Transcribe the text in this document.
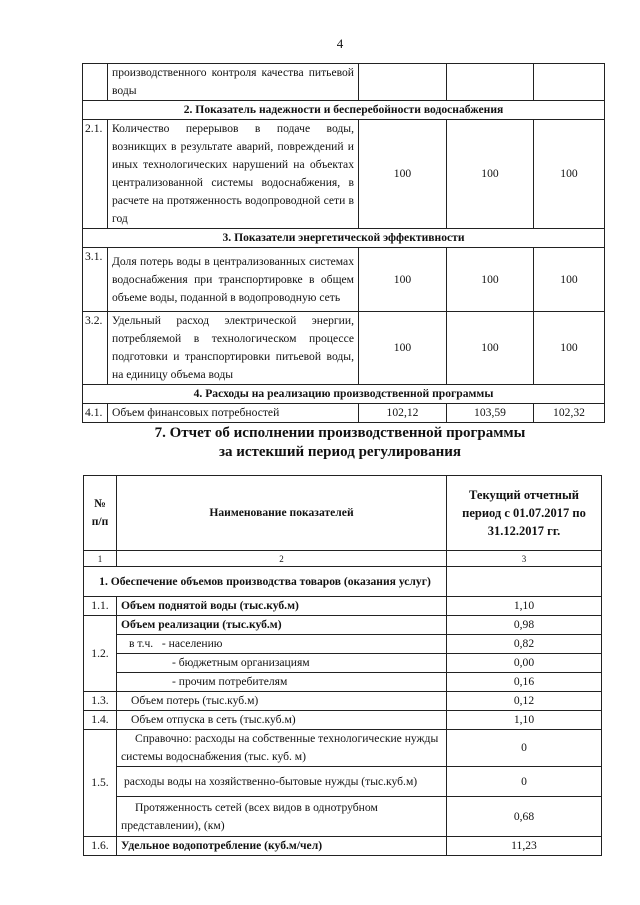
4
	производственного контроля качества питьевой воды			
2. Показатель надежности и бесперебойности водоснабжения				
2.1.	Количество перерывов в подаче воды, возникщих в результате аварий, повреждений и иных технологических нарушений на объектах централизованной системы водоснабжения, в расчете на протяженность водопроводной сети в год	100	100	100
3. Показатели энергетической эффективности				
3.1.	Доля потерь воды в централизованных системах водоснабжения при транспортировке в общем объеме воды, поданной в водопроводную сеть	100	100	100
3.2.	Удельный расход электрической энергии, потребляемой в технологическом процессе подготовки и транспортировки питьевой воды, на единицу объема воды	100	100	100
4. Расходы на реализацию производственной программы				
4.1.	Объем финансовых потребностей	102,12	103,59	102,32
7. Отчет об исполнении производственной программы
за истекший период регулирования
№ п/п	Наименование показателей	Текущий отчетный период с 01.07.2017 по 31.12.2017 гг.
1	2	3
1. Обеспечение объемов производства товаров (оказания услуг)		
1.1.	Объем поднятой воды (тыс.куб.м)	1,10
1.2.	Объем реализации (тыс.куб.м)	0,98
	в т.ч. - населению	0,82
	- бюджетным организациям	0,00
	- прочим потребителям	0,16
1.3.	Объем потерь (тыс.куб.м)	0,12
1.4.	Объем отпуска в сеть (тыс.куб.м)	1,10
1.5.	Справочно: расходы на собственные технологические нужды системы водоснабжения (тыс. куб. м)	0
	расходы воды на хозяйственно-бытовые нужды (тыс.куб.м)	0
	Протяженность сетей (всех видов в однотрубном представлении), (км)	0,68
1.6.	Удельное водопотребление (куб.м/чел)	11,23
